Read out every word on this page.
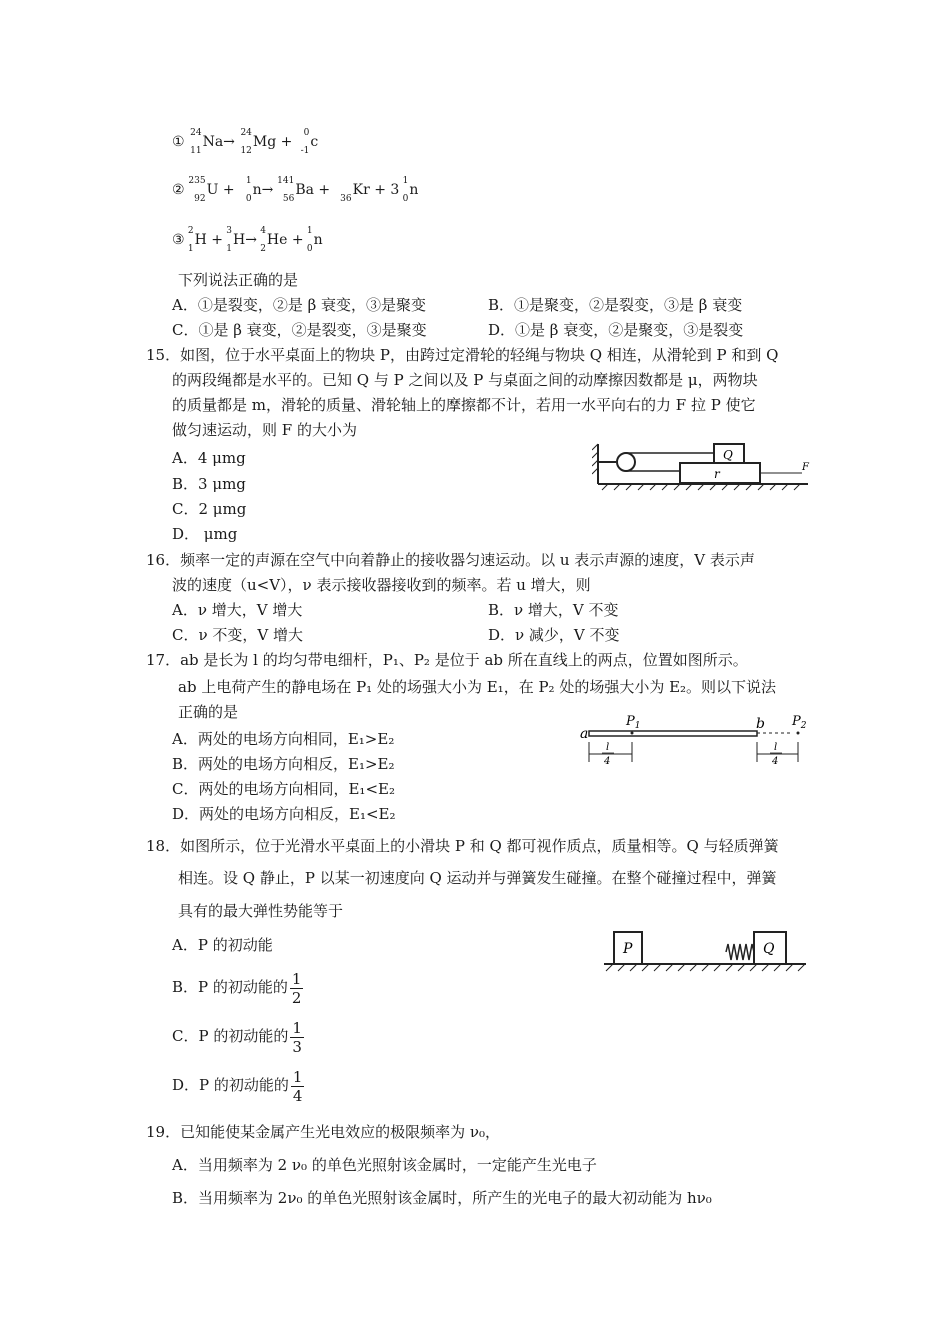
①
24
11
Na→
24
12
Mg +
0
-1
c
②
235
92
U +
1
0
n→
141
56
Ba +
36
Kr + 3
1
0
n
③
2
1
H +
3
1
H→
4
2
He +
1
0
n
下列说法正确的是
A．①是裂变，②是 β 衰变，③是聚变	B．①是聚变，②是裂变，③是 β 衰变
C．①是 β 衰变，②是裂变，③是聚变	D．①是 β 衰变，②是聚变，③是裂变
15．如图，位于水平桌面上的物块 P，由跨过定滑轮的轻绳与物块 Q 相连，从滑轮到 P 和到 Q
的两段绳都是水平的。已知 Q 与 P 之间以及 P 与桌面之间的动摩擦因数都是 μ，两物块
的质量都是 m，滑轮的质量、滑轮轴上的摩擦都不计，若用一水平向右的力 F 拉 P 使它
做匀速运动，则 F 的大小为
A．4 μmg
B．3 μmg
C．2 μmg
D． μmg
Q
r	F
16．频率一定的声源在空气中向着静止的接收器匀速运动。以 u 表示声源的速度，V 表示声
波的速度（u<V），ν 表示接收器接收到的频率。若 u 增大，则
A．ν 增大，V 增大	B．ν 增大，V 不变
C．ν 不变，V 增大	D．ν 减少，V 不变
17．ab 是长为 l 的均匀带电细杆，P₁、P₂ 是位于 ab 所在直线上的两点，位置如图所示。
ab 上电荷产生的静电场在 P₁ 处的场强大小为 E₁，在 P₂ 处的场强大小为 E₂。则以下说法
正确的是
A．两处的电场方向相同，E₁>E₂
B．两处的电场方向相反，E₁>E₂
C．两处的电场方向相同，E₁<E₂
D．两处的电场方向相反，E₁<E₂
a
$P_1$	b $P_2$
l
4
l
4
18．如图所示，位于光滑水平桌面上的小滑块 P 和 Q 都可视作质点，质量相等。Q 与轻质弹簧
相连。设 Q 静止，P 以某一初速度向 Q 运动并与弹簧发生碰撞。在整个碰撞过程中，弹簧
具有的最大弹性势能等于
A．P 的初动能
B．P 的初动能的 $\frac{1}{2}$
C．P 的初动能的 $\frac{1}{3}$
D．P 的初动能的 $\frac{1}{4}$
P	Q
19．已知能使某金属产生光电效应的极限频率为 ν₀，
A．当用频率为 2 ν₀ 的单色光照射该金属时，一定能产生光电子
B．当用频率为 2ν₀ 的单色光照射该金属时，所产生的光电子的最大初动能为 hν₀
